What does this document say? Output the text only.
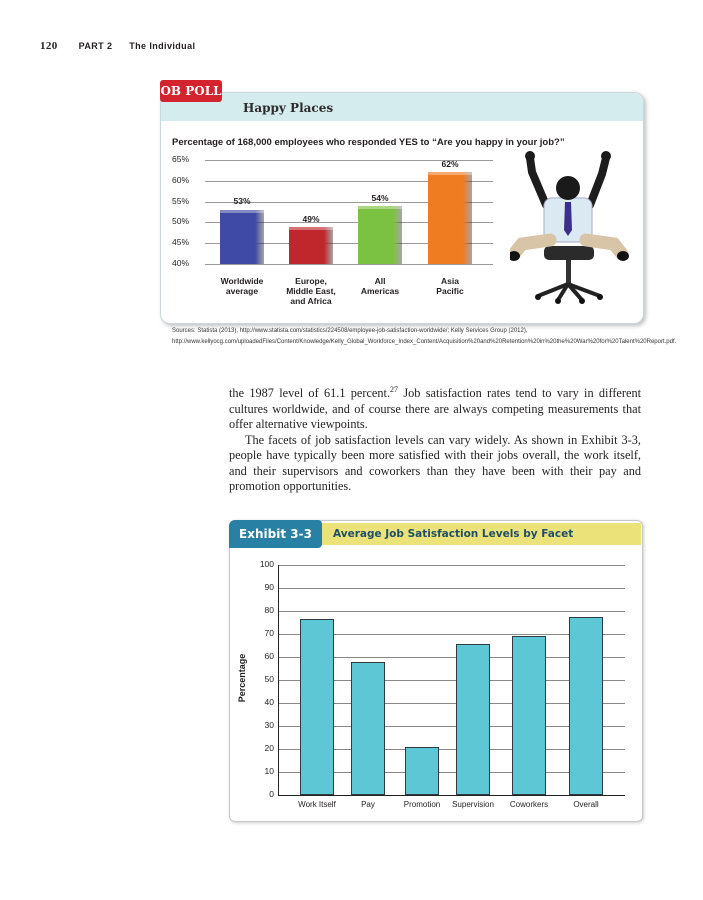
120 PART 2 The Individual
Happy Places
OB POLL
Percentage of 168,000 employees who responded YES to “Are you happy in your job?”
65%
60%
55%
50%
45%
40%
53%
Worldwide
average
49%
Europe,
Middle East,
and Africa
54%
All
Americas
62%
Asia
Pacific
Sources: Statista (2013), http://www.statista.com/statistics/224508/employee-job-satisfaction-worldwide/; Kelly Services Group (2012), http://www.kellyocg.com/uploadedFiles/Content/Knowledge/Kelly_Global_Workforce_Index_Content/Acquisition%20and%20Retention%20in%20the%20War%20for%20Talent%20Report.pdf.

the 1987 level of 61.1 percent.$^{27}$ Job satisfaction rates tend to vary in different cultures worldwide, and of course there are always competing measurements that offer alternative viewpoints.

The facets of job satisfaction levels can vary widely. As shown in Exhibit 3-3, people have typically been more satisfied with their jobs overall, the work itself, and their supervisors and coworkers than they have been with their pay and promotion opportunities.

Exhibit 3-3	Average Job Satisfaction Levels by Facet
Percentage
100
90
80
70
60
50
40
30
20
10
0
Work Itself	Pay	Promotion	Supervision	Coworkers	Overall
